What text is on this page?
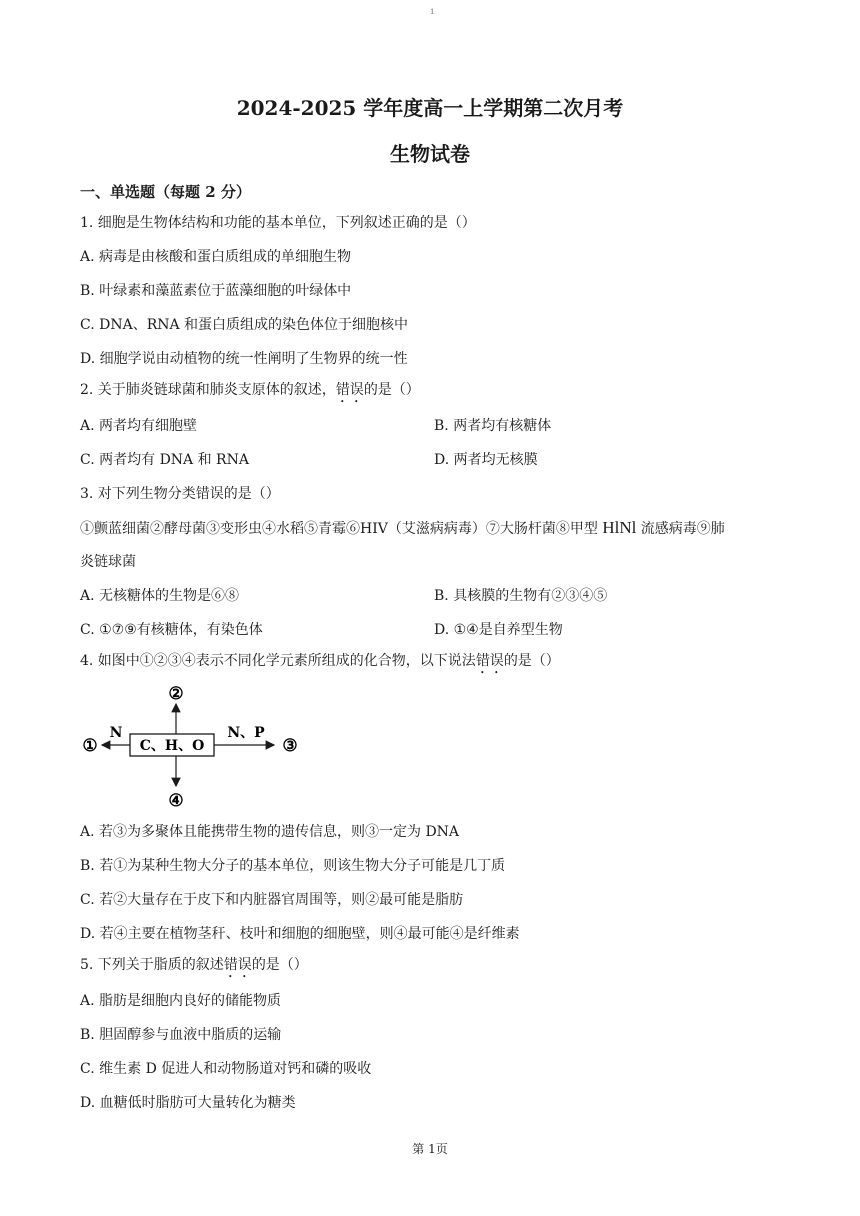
1
2024-2025 学年度高一上学期第二次月考
生物试卷
一、单选题（每题 2 分）
1. 细胞是生物体结构和功能的基本单位，下列叙述正确的是（）
A. 病毒是由核酸和蛋白质组成的单细胞生物
B. 叶绿素和藻蓝素位于蓝藻细胞的叶绿体中
C. DNA、RNA 和蛋白质组成的染色体位于细胞核中
D. 细胞学说由动植物的统一性阐明了生物界的统一性
2. 关于肺炎链球菌和肺炎支原体的叙述，错误的是（）
A. 两者均有细胞壁	B. 两者均有核糖体
C. 两者均有 DNA 和 RNA	D. 两者均无核膜
3. 对下列生物分类错误的是（）
①颤蓝细菌②酵母菌③变形虫④水稻⑤青霉⑥HIV（艾滋病病毒）⑦大肠杆菌⑧甲型 HlNl 流感病毒⑨肺
炎链球菌
A. 无核糖体的生物是⑥⑧	B. 具核膜的生物有②③④⑤
C. ①⑦⑨有核糖体，有染色体	D. ①④是自养型生物
4. 如图中①②③④表示不同化学元素所组成的化合物，以下说法错误的是（）
C、H、O
②
④
N
①
N、P
③
A. 若③为多聚体且能携带生物的遗传信息，则③一定为 DNA
B. 若①为某种生物大分子的基本单位，则该生物大分子可能是几丁质
C. 若②大量存在于皮下和内脏器官周围等，则②最可能是脂肪
D. 若④主要在植物茎秆、枝叶和细胞的细胞壁，则④最可能④是纤维素
5. 下列关于脂质的叙述错误的是（）
A. 脂肪是细胞内良好的储能物质
B. 胆固醇参与血液中脂质的运输
C. 维生素 D 促进人和动物肠道对钙和磷的吸收
D. 血糖低时脂肪可大量转化为糖类
第 1页
